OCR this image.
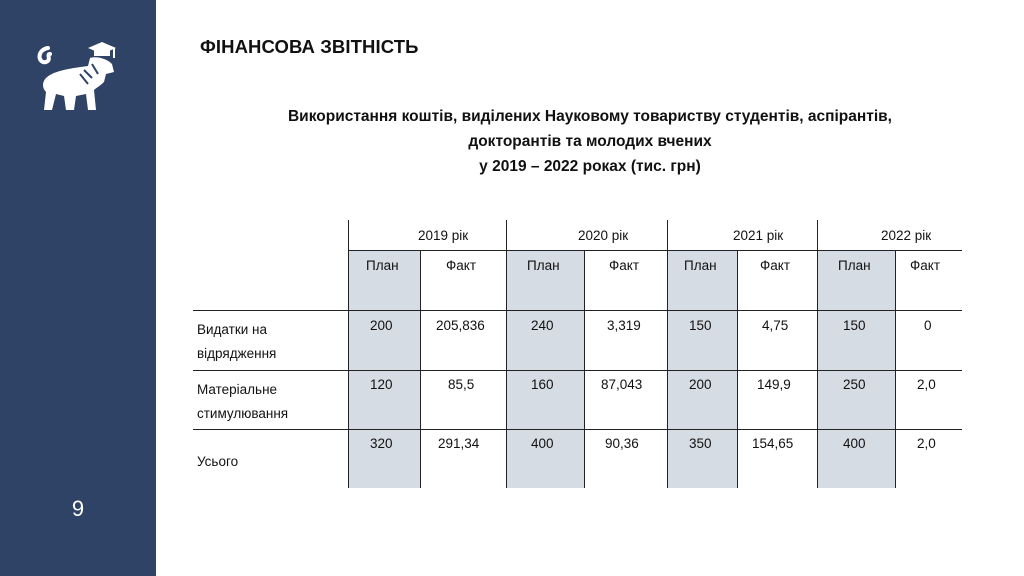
9
ФІНАНСОВА ЗВІТНІСТЬ
Використання коштів, виділених Науковому товариству студентів, аспірантів,
докторантів та молодих вчених
у 2019 – 2022 роках (тис. грн)
2019 рік	2020 рік	2021 рік	2022 рік
План	Факт	План	Факт	План	Факт	План	Факт
Видатки на
відрядження
200	205,836	240	3,319	150	4,75	150	0
Матеріальне
стимулювання
120	85,5	160	87,043	200	149,9	250	2,0
Усього
320	291,34	400	90,36	350	154,65	400	2,0
